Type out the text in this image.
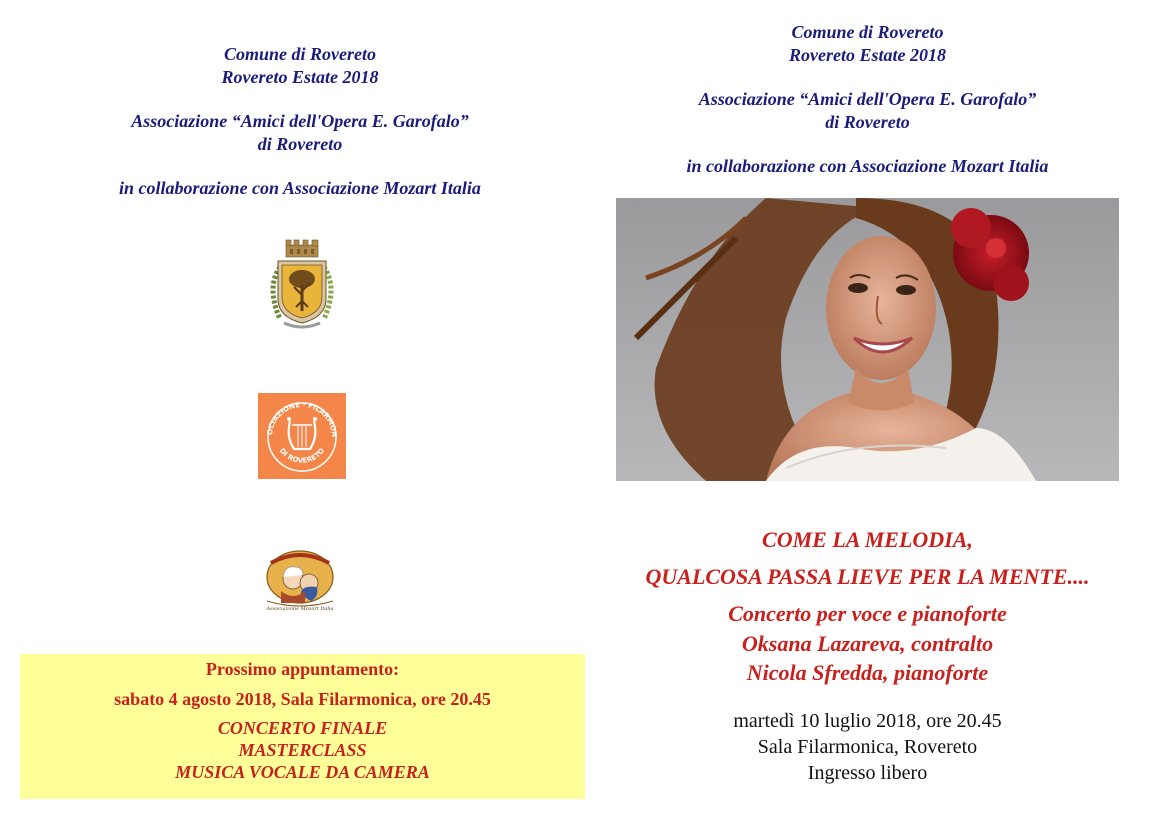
Comune di Rovereto
Rovereto Estate 2018
Associazione “Amici dell'Opera E. Garofalo”
di Rovereto
in collaborazione con Associazione Mozart Italia
OCIAZIONE · FILARMON
DI ROVERETO
Associazione Mozart Italia
Prossimo appuntamento:
sabato 4 agosto 2018, Sala Filarmonica, ore 20.45
CONCERTO FINALE
MASTERCLASS
MUSICA VOCALE DA CAMERA
Comune di Rovereto
Rovereto Estate 2018
Associazione “Amici dell'Opera E. Garofalo”
di Rovereto
in collaborazione con Associazione Mozart Italia
COME LA MELODIA,
QUALCOSA PASSA LIEVE PER LA MENTE....
Concerto per voce e pianoforte
Oksana Lazareva, contralto
Nicola Sfredda, pianoforte
martedì 10 luglio 2018, ore 20.45
Sala Filarmonica, Rovereto
Ingresso libero
